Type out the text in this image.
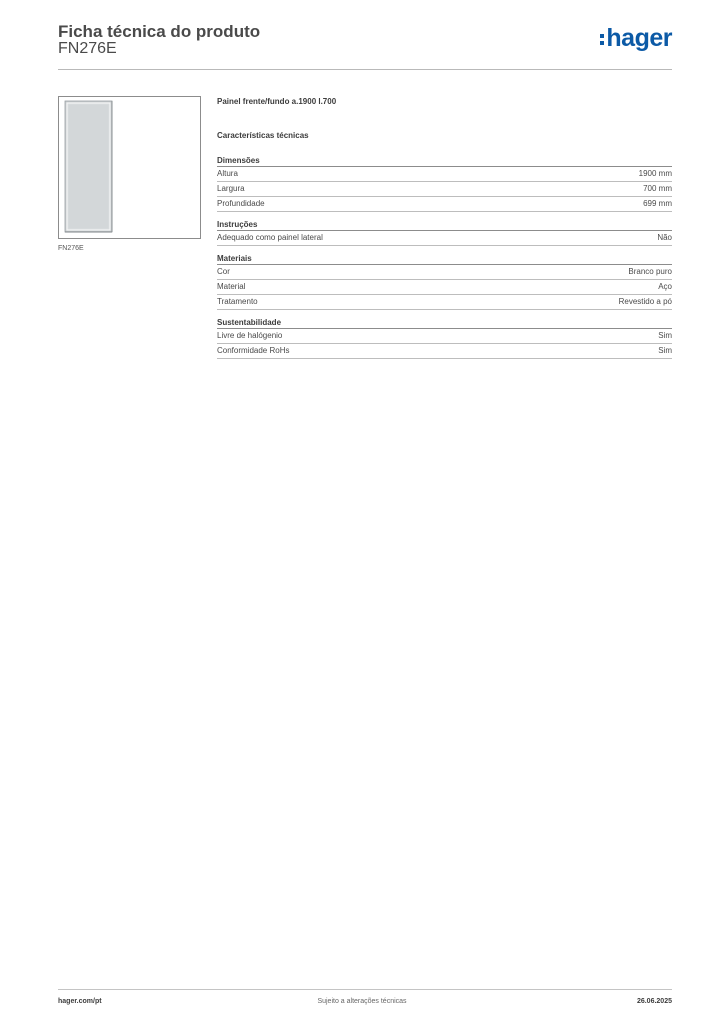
Ficha técnica do produto
FN276E	hager
FN276E
Painel frente/fundo a.1900 l.700
Características técnicas
Dimensões
Altura	1900 mm
Largura	700 mm
Profundidade	699 mm
Instruções
Adequado como painel lateral	Não
Materiais
Cor	Branco puro
Material	Aço
Tratamento	Revestido a pó
Sustentabilidade
Livre de halógenio	Sim
Conformidade RoHs	Sim
hager.com/pt	Sujeito a alterações técnicas	26.06.2025
